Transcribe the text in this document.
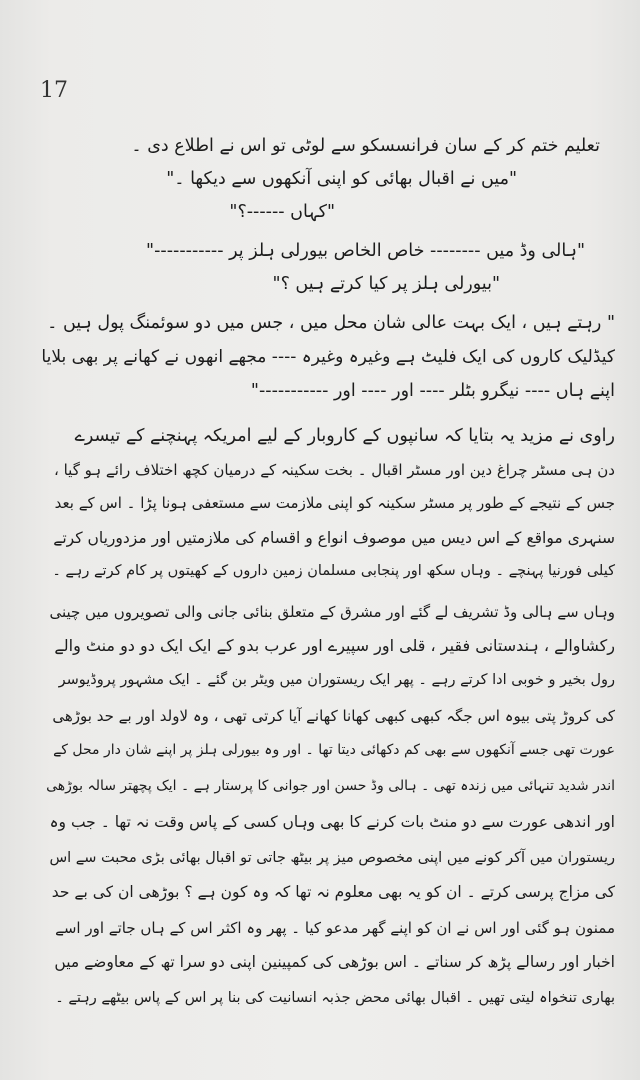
17
تعلیم ختم کر کے سان فرانسسکو سے لوٹی تو اس نے اطلاع دی ۔
"میں نے اقبال بھائی کو اپنی آنکھوں سے دیکھا ۔"
"کہاں ------؟"
"ہالی وڈ میں -------- خاص الخاص بیورلی ہلز پر -----------"
"بیورلی ہلز پر کیا کرتے ہیں ؟"
" رہتے ہیں ، ایک بہت عالی شان محل میں ، جس میں دو سوئمنگ پول ہیں ۔
کیڈلیک کاروں کی ایک فلیٹ ہے وغیرہ وغیرہ ---- مجھے انھوں نے کھانے پر بھی بلایا
اپنے ہاں ---- نیگرو بٹلر ---- اور ---- اور -----------"
راوی نے مزید یہ بتایا کہ سانپوں کے کاروبار کے لیے امریکہ پہنچنے کے تیسرے
دن ہی مسٹر چراغ دین اور مسٹر اقبال ۔ بخت سکینہ کے درمیان کچھ اختلاف رائے ہو گیا ،
جس کے نتیجے کے طور پر مسٹر سکینہ کو اپنی ملازمت سے مستعفی ہونا پڑا ۔ اس کے بعد
سنہری مواقع کے اس دیس میں موصوف انواع و اقسام کی ملازمتیں اور مزدوریاں کرتے
کیلی فورنیا پہنچے ۔ وہاں سکھ اور پنجابی مسلمان زمین داروں کے کھیتوں پر کام کرتے رہے ۔
وہاں سے ہالی وڈ تشریف لے گئے اور مشرق کے متعلق بنائی جانی والی تصویروں میں چینی
رکشاوالے ، ہندستانی فقیر ، قلی اور سپیرے اور عرب بدو کے ایک ایک دو دو منٹ والے
رول بخیر و خوبی ادا کرتے رہے ۔ پھر ایک ریستوران میں ویٹر بن گئے ۔ ایک مشہور پروڈیوسر
کی کروڑ پتی بیوہ اس جگہ کبھی کبھی کھانا کھانے آیا کرتی تھی ، وہ لاولد اور بے حد بوڑھی
عورت تھی جسے آنکھوں سے بھی کم دکھائی دیتا تھا ۔ اور وہ بیورلی ہلز پر اپنے شان دار محل کے
اندر شدید تنہائی میں زندہ تھی ۔ ہالی وڈ حسن اور جوانی کا پرستار ہے ۔ ایک پچھتر سالہ بوڑھی
اور اندھی عورت سے دو منٹ بات کرنے کا بھی وہاں کسی کے پاس وقت نہ تھا ۔ جب وہ
ریستوران میں آکر کونے میں اپنی مخصوص میز پر بیٹھ جاتی تو اقبال بھائی بڑی محبت سے اس
کی مزاج پرسی کرتے ۔ ان کو یہ بھی معلوم نہ تھا کہ وہ کون ہے ؟ بوڑھی ان کی بے حد
ممنون ہو گئی اور اس نے ان کو اپنے گھر مدعو کیا ۔ پھر وہ اکثر اس کے ہاں جاتے اور اسے
اخبار اور رسالے پڑھ کر سناتے ۔ اس بوڑھی کی کمپینین اپنی دو سرا تھ کے معاوضے میں
بھاری تنخواہ لیتی تھیں ۔ اقبال بھائی محض جذبہ انسانیت کی بنا پر اس کے پاس بیٹھے رہتے ۔
